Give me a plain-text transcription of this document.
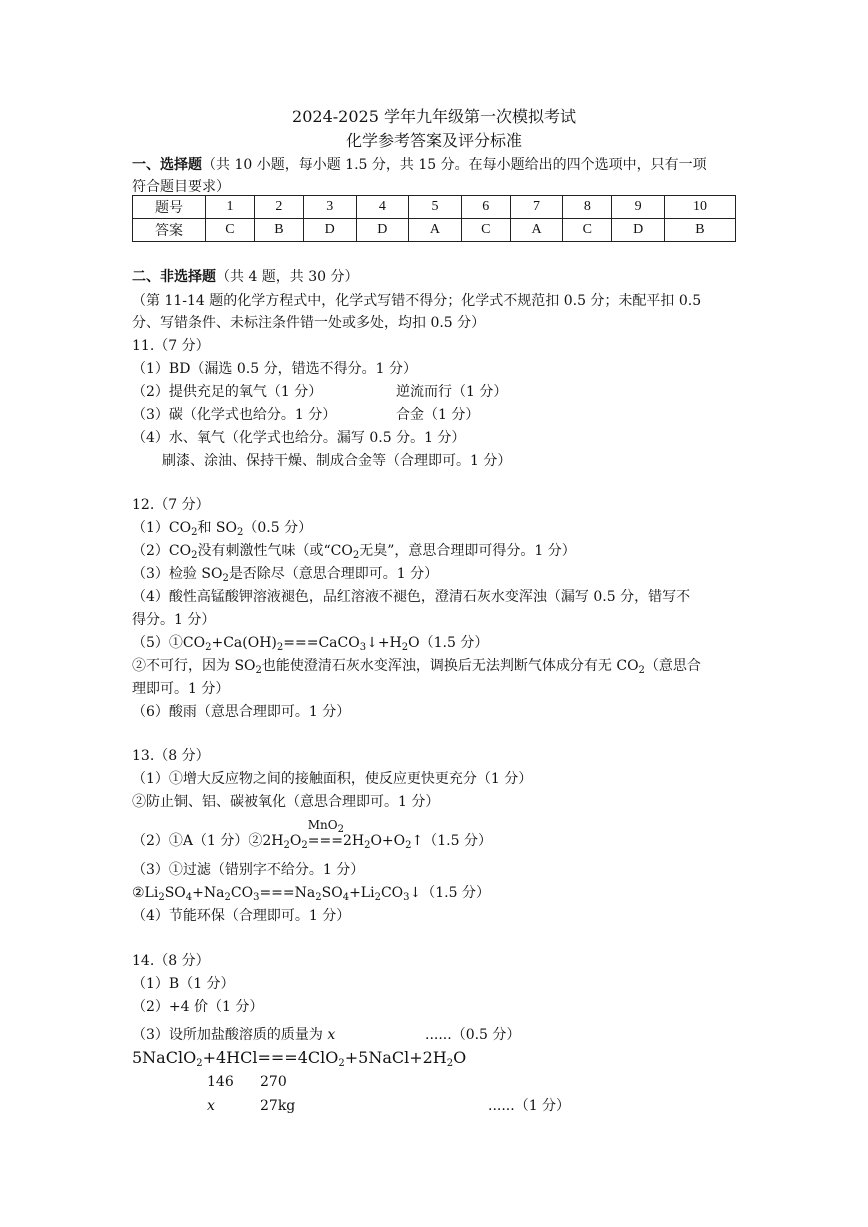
2024-2025 学年九年级第一次模拟考试
化学参考答案及评分标准
一、选择题（共 10 小题，每小题 1.5 分，共 15 分。在每小题给出的四个选项中，只有一项
符合题目要求）
题号	1	2	3	4	5	6	7	8	9	10
答案	C	B	D	D	A	C	A	C	D	B
二、非选择题（共 4 题，共 30 分）
（第 11-14 题的化学方程式中，化学式写错不得分；化学式不规范扣 0.5 分；未配平扣 0.5
分、写错条件、未标注条件错一处或多处，均扣 0.5 分）
11.（7 分）
（1）BD（漏选 0.5 分，错选不得分。1 分）
（2）提供充足的氧气（1 分）	逆流而行（1 分）
（3）碳（化学式也给分。1 分）	合金（1 分）
（4）水、氧气（化学式也给分。漏写 0.5 分。1 分）
刷漆、涂油、保持干燥、制成合金等（合理即可。1 分）
12.（7 分）
$(1)CO_2$和 $SO_2(0.5$ 分）
$(2)CO_2$没有刺激性气味（或“$CO_2$无臭”，意思合理即可得分。1 分）
（3）检验 $SO_2$是否除尽（意思合理即可。1 分）
（4）酸性高锰酸钾溶液褪色，品红溶液不褪色，澄清石灰水变浑浊（漏写 0.5 分，错写不
得分。1 分）
$(5)①CO_2+Ca(OH)_2===CaCO_3↓+H_2O(1.5$ 分）
②不可行，因为 $SO_2$也能使澄清石灰水变浑浊，调换后无法判断气体成分有无 $CO_2$（意思合
理即可。1 分）
（6）酸雨（意思合理即可。1 分）
13.（8 分）
（1）①增大反应物之间的接触面积，使反应更快更充分（1 分）
②防止铜、铝、碳被氧化（意思合理即可。1 分）
（2）①A（1 分）$②2H_2O_2$
MnO$_2$
$===2H_2O+O_2↑(1.5$ 分）
（3）①过滤（错别字不给分。1 分）
$②Li_2SO_4+Na_2CO_3===Na_2SO_4+Li_2CO_3↓(1.5$ 分）
（4）节能环保（合理即可。1 分）
14.（8 分）
（1）B（1 分）
（2）+4 价（1 分）
（3）设所加盐酸溶质的质量为 x	......（0.5 分）
$5NaClO_2+4HCl===4ClO_2+5NaCl+2H_2O$
146 270
x	27kg	......（1 分）
